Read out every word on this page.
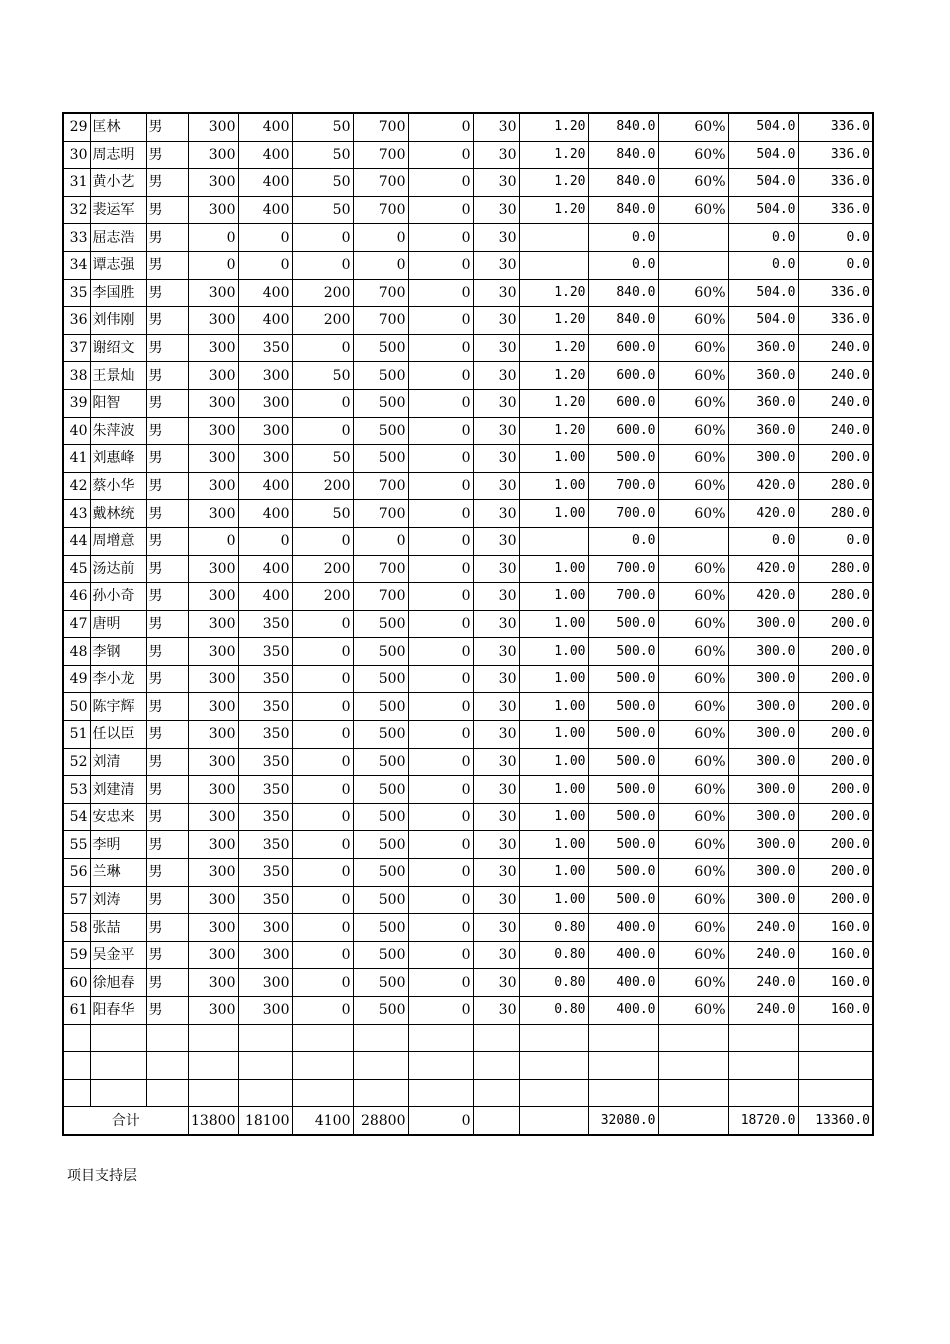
29	匡林	男	300	400	50	700	0	30	1.20	840.0	60%	504.0	336.0
30	周志明	男	300	400	50	700	0	30	1.20	840.0	60%	504.0	336.0
31	黄小艺	男	300	400	50	700	0	30	1.20	840.0	60%	504.0	336.0
32	裴运军	男	300	400	50	700	0	30	1.20	840.0	60%	504.0	336.0
33	屈志浩	男	0	0	0	0	0	30		0.0		0.0	0.0
34	谭志强	男	0	0	0	0	0	30		0.0		0.0	0.0
35	李国胜	男	300	400	200	700	0	30	1.20	840.0	60%	504.0	336.0
36	刘伟刚	男	300	400	200	700	0	30	1.20	840.0	60%	504.0	336.0
37	谢绍文	男	300	350	0	500	0	30	1.20	600.0	60%	360.0	240.0
38	王景灿	男	300	300	50	500	0	30	1.20	600.0	60%	360.0	240.0
39	阳智	男	300	300	0	500	0	30	1.20	600.0	60%	360.0	240.0
40	朱萍波	男	300	300	0	500	0	30	1.20	600.0	60%	360.0	240.0
41	刘惠峰	男	300	300	50	500	0	30	1.00	500.0	60%	300.0	200.0
42	蔡小华	男	300	400	200	700	0	30	1.00	700.0	60%	420.0	280.0
43	戴林统	男	300	400	50	700	0	30	1.00	700.0	60%	420.0	280.0
44	周增意	男	0	0	0	0	0	30		0.0		0.0	0.0
45	汤达前	男	300	400	200	700	0	30	1.00	700.0	60%	420.0	280.0
46	孙小奇	男	300	400	200	700	0	30	1.00	700.0	60%	420.0	280.0
47	唐明	男	300	350	0	500	0	30	1.00	500.0	60%	300.0	200.0
48	李钢	男	300	350	0	500	0	30	1.00	500.0	60%	300.0	200.0
49	李小龙	男	300	350	0	500	0	30	1.00	500.0	60%	300.0	200.0
50	陈宇辉	男	300	350	0	500	0	30	1.00	500.0	60%	300.0	200.0
51	任以臣	男	300	350	0	500	0	30	1.00	500.0	60%	300.0	200.0
52	刘清	男	300	350	0	500	0	30	1.00	500.0	60%	300.0	200.0
53	刘建清	男	300	350	0	500	0	30	1.00	500.0	60%	300.0	200.0
54	安忠来	男	300	350	0	500	0	30	1.00	500.0	60%	300.0	200.0
55	李明	男	300	350	0	500	0	30	1.00	500.0	60%	300.0	200.0
56	兰琳	男	300	350	0	500	0	30	1.00	500.0	60%	300.0	200.0
57	刘涛	男	300	350	0	500	0	30	1.00	500.0	60%	300.0	200.0
58	张喆	男	300	300	0	500	0	30	0.80	400.0	60%	240.0	160.0
59	吴金平	男	300	300	0	500	0	30	0.80	400.0	60%	240.0	160.0
60	徐旭春	男	300	300	0	500	0	30	0.80	400.0	60%	240.0	160.0
61	阳春华	男	300	300	0	500	0	30	0.80	400.0	60%	240.0	160.0

合计			13800	18100	4100	28800	0			32080.0		18720.0	13360.0
项目支持层
